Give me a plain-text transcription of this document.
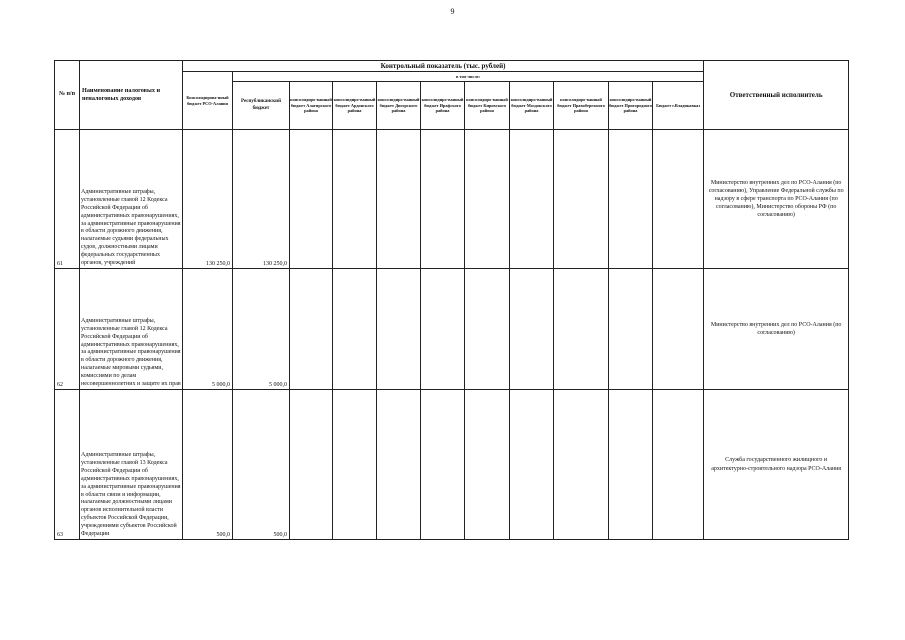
9
№ п/п	Наименование налоговых и неналоговых доходов	Контрольный показатель (тыс. рублей)											Ответственный исполнитель
		Консолидирова-нный бюджет РСО-Алания	в том числе:										
			Республиканский бюджет	консолидиро-ванный бюджет Алагирского района	консолидиро-ванный бюджет Ардонского района	консолидиро-ванный бюджет Дигорского района	консолидиро-ванный бюджет Ирафского района	консолидиро-ванный бюджет Кировского района	консолидиро-ванный бюджет Моздокского района	консолидиро-ванный бюджет Правобережного района	консолидиро-ванный бюджет Пригородного района	Бюджет г.Владикавказ	
61	Административные штрафы, установленные главой 12 Кодекса Российской Федерации об административных правонарушениях, за административные правонарушения в области дорожного движения, налагаемые судьями федеральных судов, должностными лицами федеральных государственных органов, учреждений	130 250,0	130 250,0										Министерство внутренних дел по РСО-Алания (по согласованию), Управление Федеральной службы по надзору в сфере транспорта по РСО-Алания (по согласованию), Министерство обороны РФ (по согласованию)
62	Административные штрафы, установленные главой 12 Кодекса Российской Федерации об административных правонарушениях, за административные правонарушения в области дорожного движения, налагаемые мировыми судьями, комиссиями по делам несовершеннолетних и защите их прав	5 000,0	5 000,0										Министерство внутренних дел по РСО-Алания (по согласованию)
63	Административные штрафы, установленные главой 13 Кодекса Российской Федерации об административных правонарушениях, за административные правонарушения в области связи и информации, налагаемые должностными лицами органов исполнительной власти субъектов Российской Федерации, учреждениями субъектов Российской Федерации	500,0	500,0										Служба государственного жилищного и архитектурно-строительного надзора РСО-Алания
